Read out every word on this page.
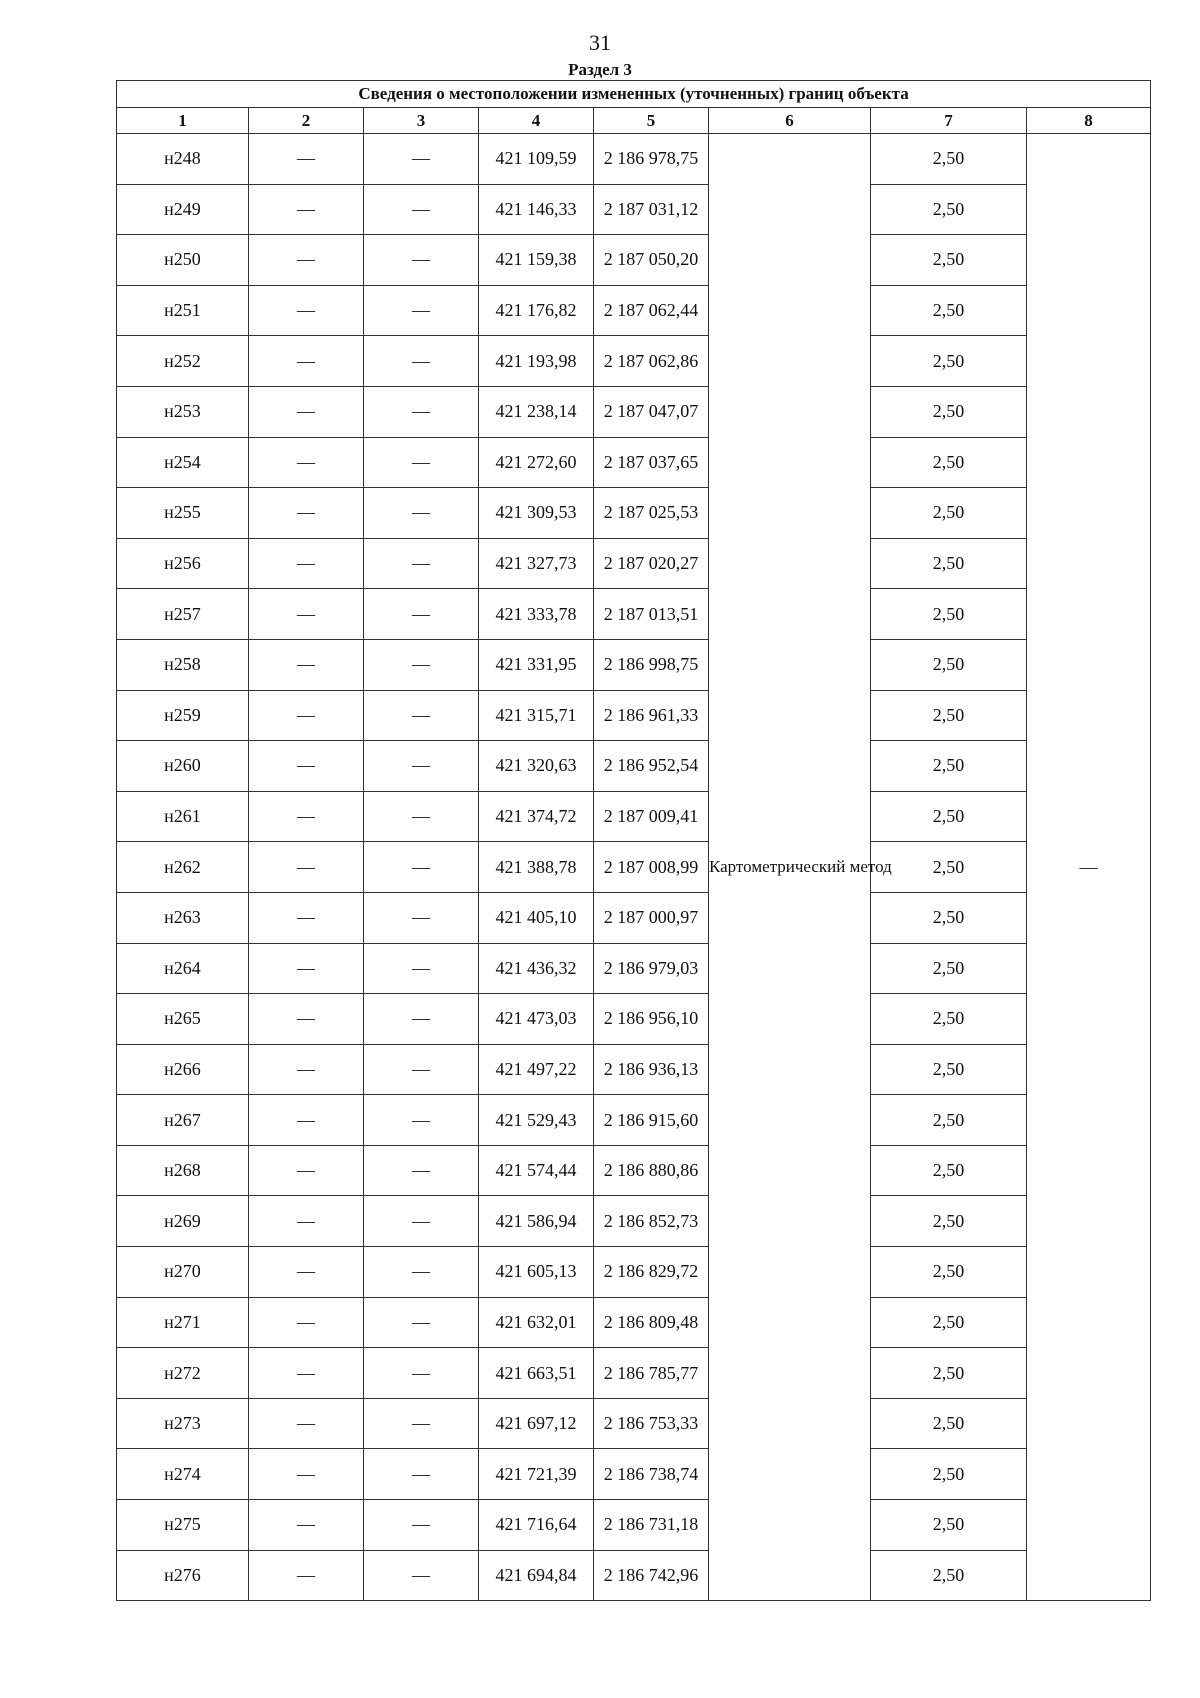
31
Раздел 3
Сведения о местоположении измененных (уточненных) границ объекта							
1	2	3	4	5	6	7	8
н248	—	—	421 109,59	2 186 978,75	Картометрический метод	2,50	—
н249	—	—	421 146,33	2 187 031,12		2,50	
н250	—	—	421 159,38	2 187 050,20		2,50	
н251	—	—	421 176,82	2 187 062,44		2,50	
н252	—	—	421 193,98	2 187 062,86		2,50	
н253	—	—	421 238,14	2 187 047,07		2,50	
н254	—	—	421 272,60	2 187 037,65		2,50	
н255	—	—	421 309,53	2 187 025,53		2,50	
н256	—	—	421 327,73	2 187 020,27		2,50	
н257	—	—	421 333,78	2 187 013,51		2,50	
н258	—	—	421 331,95	2 186 998,75		2,50	
н259	—	—	421 315,71	2 186 961,33		2,50	
н260	—	—	421 320,63	2 186 952,54		2,50	
н261	—	—	421 374,72	2 187 009,41		2,50	
н262	—	—	421 388,78	2 187 008,99		2,50	
н263	—	—	421 405,10	2 187 000,97		2,50	
н264	—	—	421 436,32	2 186 979,03		2,50	
н265	—	—	421 473,03	2 186 956,10		2,50	
н266	—	—	421 497,22	2 186 936,13		2,50	
н267	—	—	421 529,43	2 186 915,60		2,50	
н268	—	—	421 574,44	2 186 880,86		2,50	
н269	—	—	421 586,94	2 186 852,73		2,50	
н270	—	—	421 605,13	2 186 829,72		2,50	
н271	—	—	421 632,01	2 186 809,48		2,50	
н272	—	—	421 663,51	2 186 785,77		2,50	
н273	—	—	421 697,12	2 186 753,33		2,50	
н274	—	—	421 721,39	2 186 738,74		2,50	
н275	—	—	421 716,64	2 186 731,18		2,50	
н276	—	—	421 694,84	2 186 742,96		2,50	
